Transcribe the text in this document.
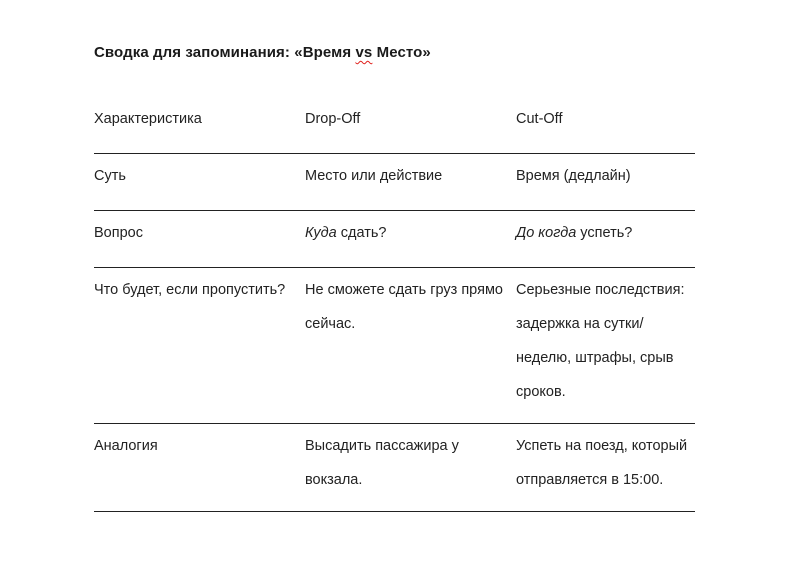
Сводка для запоминания: «Время vs Место»
Характеристика	Drop-Off	Cut-Off
Суть	Место или действие	Время (дедлайн)
Вопрос	Куда сдать?	До когда успеть?
Что будет, если пропустить?	Не сможете сдать груз прямо сейчас.	Серьезные последствия: задержка на сутки/неделю, штрафы, срыв сроков.
Аналогия	Высадить пассажира у вокзала.	Успеть на поезд, который отправляется в 15:00.
